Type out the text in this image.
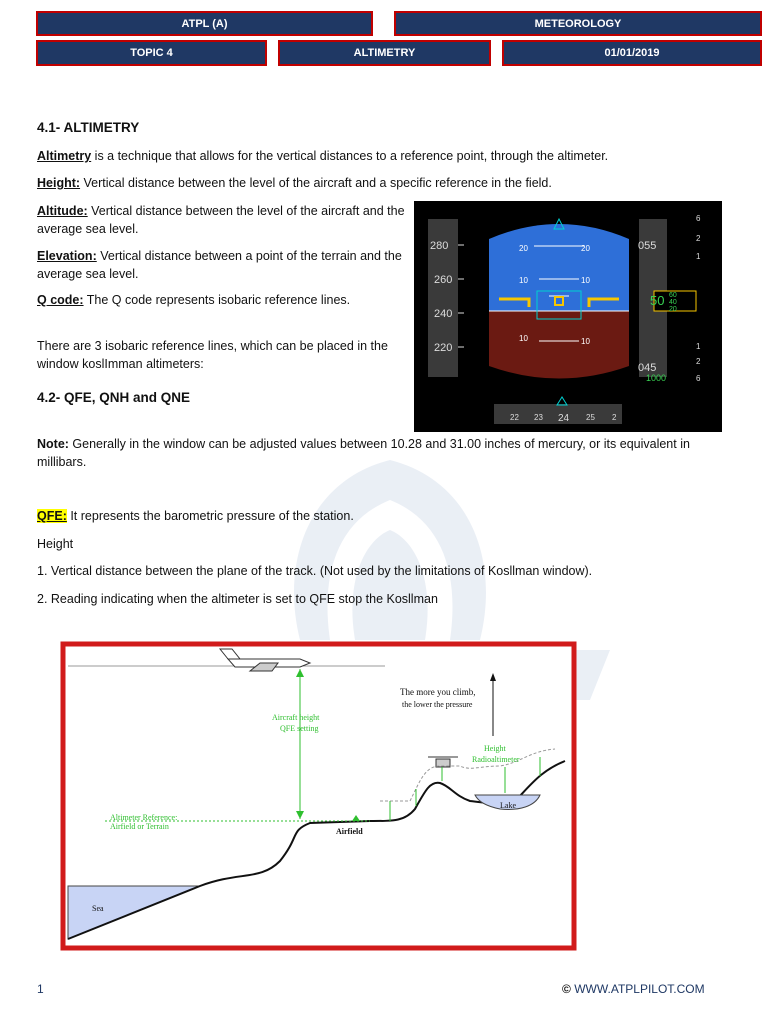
ATPL (A)	METEOROLOGY
TOPIC 4	ALTIMETRY	01/01/2019
4.1- ALTIMETRY
Altimetry is a technique that allows for the vertical distances to a reference point, through the altimeter.
Height: Vertical distance between the level of the aircraft and a specific reference in the field.
Altitude: Vertical distance between the level of the aircraft and the average sea level.
Elevation: Vertical distance between a point of the terrain and the average sea level.
Q code: The Q code represents isobaric reference lines.
There are 3 isobaric reference lines, which can be placed in the window koslImman altimeters:
280
260
240
220
20
10	10
10	10
20	055
50 60
40
20
045
1000
6
2
1
1
2
6
22 23 24 25 2
4.2- QFE, QNH and QNE
Note: Generally in the window can be adjusted values between 10.28 and 31.00 inches of mercury, or its equivalent in millibars.
QFE: It represents the barometric pressure of the station.
Height
1. Vertical distance between the plane of the track. (Not used by the limitations of Kosllman window).
2. Reading indicating when the altimeter is set to QFE stop the Kosllman
The more you climb,
the lower the pressure
Height
Radioaltimeter
Lake
Airfield
Sea
Aircraft height
QFE setting
Altimeter Reference:
Airfield or Terrain
1	© WWW.ATPLPILOT.COM
